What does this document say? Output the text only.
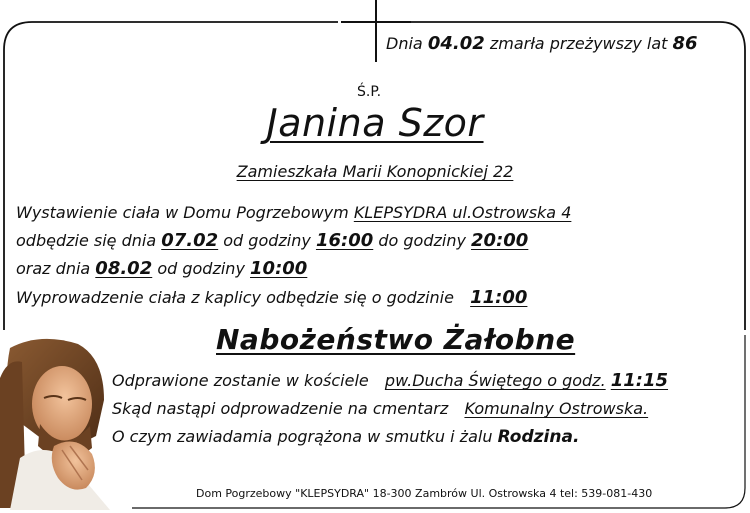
Dnia 04.02 zmarła przeżywszy lat 86
Ś.P.
Janina Szor
Zamieszkała Marii Konopnickiej 22
Wystawienie ciała w Domu Pogrzebowym KLEPSYDRA ul.Ostrowska 4
odbędzie się dnia 07.02 od godziny 16:00 do godziny 20:00
oraz dnia 08.02 od godziny 10:00
Wyprowadzenie ciała z kaplicy odbędzie się o godzinie 11:00
Nabożeństwo Żałobne
Odprawione zostanie w kościele pw.Ducha Świętego o godz. 11:15
Skąd nastąpi odprowadzenie na cmentarz Komunalny Ostrowska.
O czym zawiadamia pogrążona w smutku i żalu Rodzina.
Dom Pogrzebowy "KLEPSYDRA" 18-300 Zambrów Ul. Ostrowska 4 tel: 539-081-430
